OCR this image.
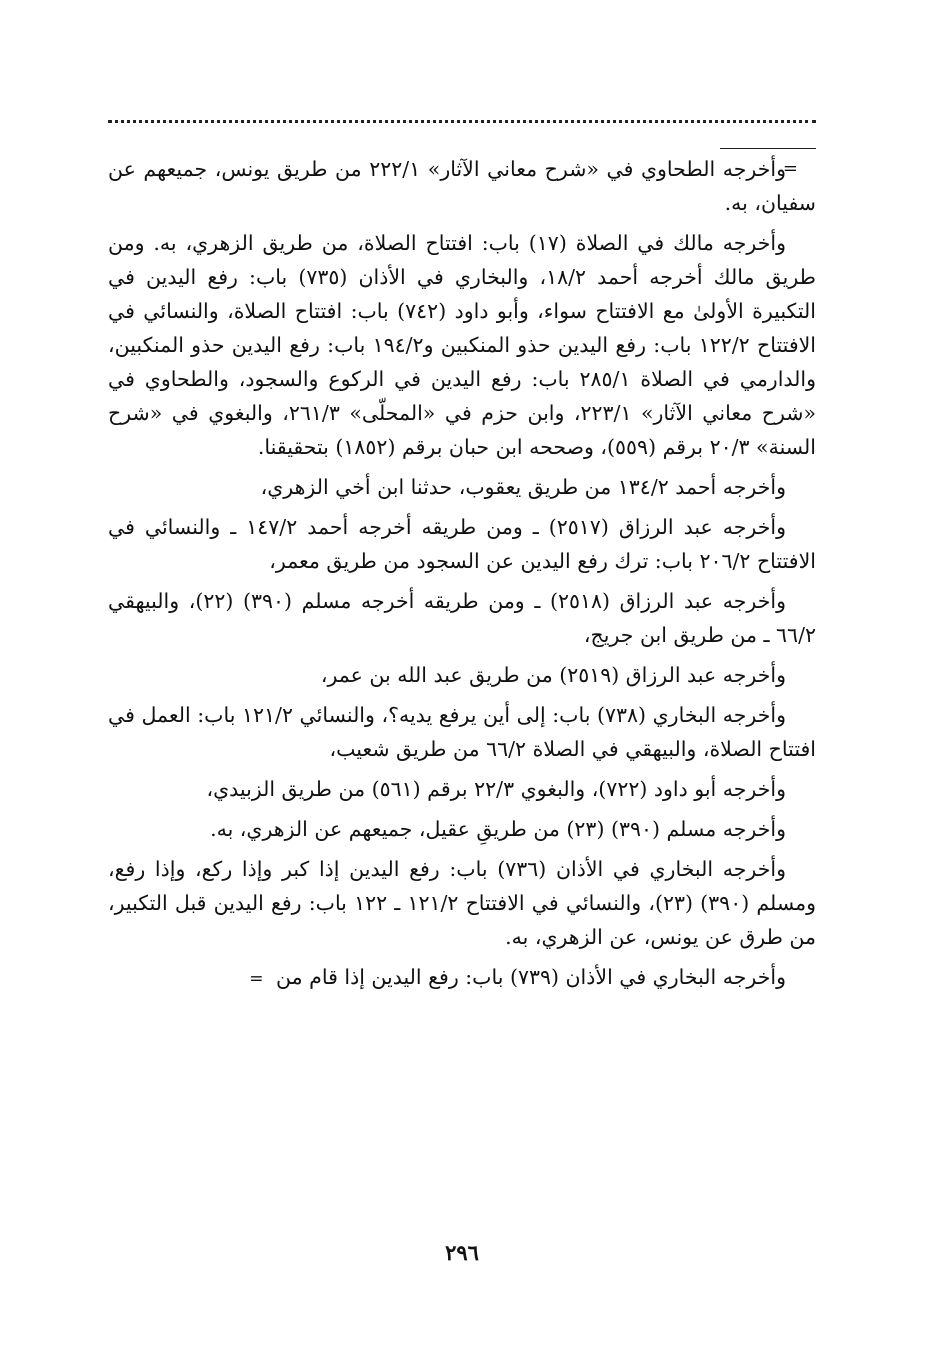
=
وأخرجه الطحاوي في «شرح معاني الآثار» ٢٢٢/١ من طريق يونس، جميعهم عن سفيان، به.

وأخرجه مالك في الصلاة (١٧) باب: افتتاح الصلاة، من طريق الزهري، به. ومن طريق مالك أخرجه أحمد ١٨/٢، والبخاري في الأذان (٧٣٥) باب: رفع اليدين في التكبيرة الأولىٰ مع الافتتاح سواء، وأبو داود (٧٤٢) باب: افتتاح الصلاة، والنسائي في الافتتاح ١٢٢/٢ باب: رفع اليدين حذو المنكبين و١٩٤/٢ باب: رفع اليدين حذو المنكبين، والدارمي في الصلاة ٢٨٥/١ باب: رفع اليدين في الركوع والسجود، والطحاوي في «شرح معاني الآثار» ٢٢٣/١، وابن حزم في «المحلّى» ٢٦١/٣، والبغوي في «شرح السنة» ٢٠/٣ برقم (٥٥٩)، وصححه ابن حبان برقم (١٨٥٢) بتحقيقنا.

وأخرجه أحمد ١٣٤/٢ من طريق يعقوب، حدثنا ابن أخي الزهري،

وأخرجه عبد الرزاق (٢٥١٧) ـ ومن طريقه أخرجه أحمد ١٤٧/٢ ـ والنسائي في الافتتاح ٢٠٦/٢ باب: ترك رفع اليدين عن السجود من طريق معمر،

وأخرجه عبد الرزاق (٢٥١٨) ـ ومن طريقه أخرجه مسلم (٣٩٠) (٢٢)، والبيهقي ٦٦/٢ ـ من طريق ابن جريج،

وأخرجه عبد الرزاق (٢٥١٩) من طريق عبد الله بن عمر،

وأخرجه البخاري (٧٣٨) باب: إلى أين يرفع يديه؟، والنسائي ١٢١/٢ باب: العمل في افتتاح الصلاة، والبيهقي في الصلاة ٦٦/٢ من طريق شعيب،

وأخرجه أبو داود (٧٢٢)، والبغوي ٢٢/٣ برقم (٥٦١) من طريق الزبيدي،

وأخرجه مسلم (٣٩٠) (٢٣) من طريقِ عقيل، جميعهم عن الزهري، به.

وأخرجه البخاري في الأذان (٧٣٦) باب: رفع اليدين إذا كبر وإذا ركع، وإذا رفع، ومسلم (٣٩٠) (٢٣)، والنسائي في الافتتاح ١٢١/٢ ـ ١٢٢ باب: رفع اليدين قبل التكبير، من طرق عن يونس، عن الزهري، به.

وأخرجه البخاري في الأذان (٧٣٩) باب: رفع اليدين إذا قام من =

٢٩٦
